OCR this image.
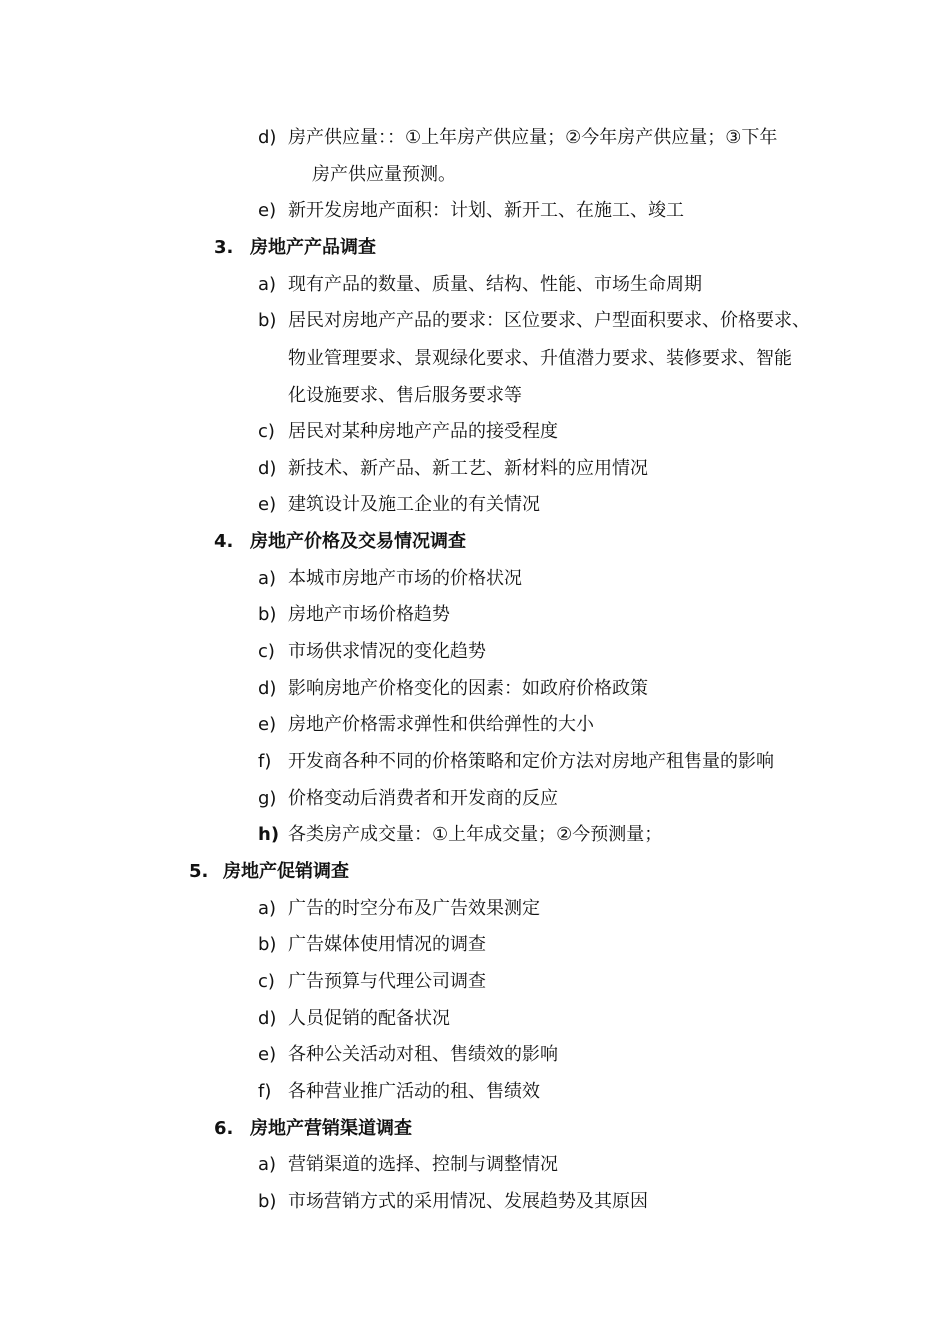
d) 房产供应量：：①上年房产供应量；②今年房产供应量；③下年
房产供应量预测。
e) 新开发房地产面积：计划、新开工、在施工、竣工
3. 房地产产品调查
a) 现有产品的数量、质量、结构、性能、市场生命周期
b) 居民对房地产产品的要求：区位要求、户型面积要求、价格要求、
物业管理要求、景观绿化要求、升值潜力要求、装修要求、智能
化设施要求、售后服务要求等
c) 居民对某种房地产产品的接受程度
d) 新技术、新产品、新工艺、新材料的应用情况
e) 建筑设计及施工企业的有关情况
4. 房地产价格及交易情况调查
a) 本城市房地产市场的价格状况
b) 房地产市场价格趋势
c) 市场供求情况的变化趋势
d) 影响房地产价格变化的因素：如政府价格政策
e) 房地产价格需求弹性和供给弹性的大小
f) 开发商各种不同的价格策略和定价方法对房地产租售量的影响
g) 价格变动后消费者和开发商的反应
h) 各类房产成交量：①上年成交量；②今预测量；
5. 房地产促销调查
a) 广告的时空分布及广告效果测定
b) 广告媒体使用情况的调查
c) 广告预算与代理公司调查
d) 人员促销的配备状况
e) 各种公关活动对租、售绩效的影响
f) 各种营业推广活动的租、售绩效
6. 房地产营销渠道调查
a) 营销渠道的选择、控制与调整情况
b) 市场营销方式的采用情况、发展趋势及其原因
